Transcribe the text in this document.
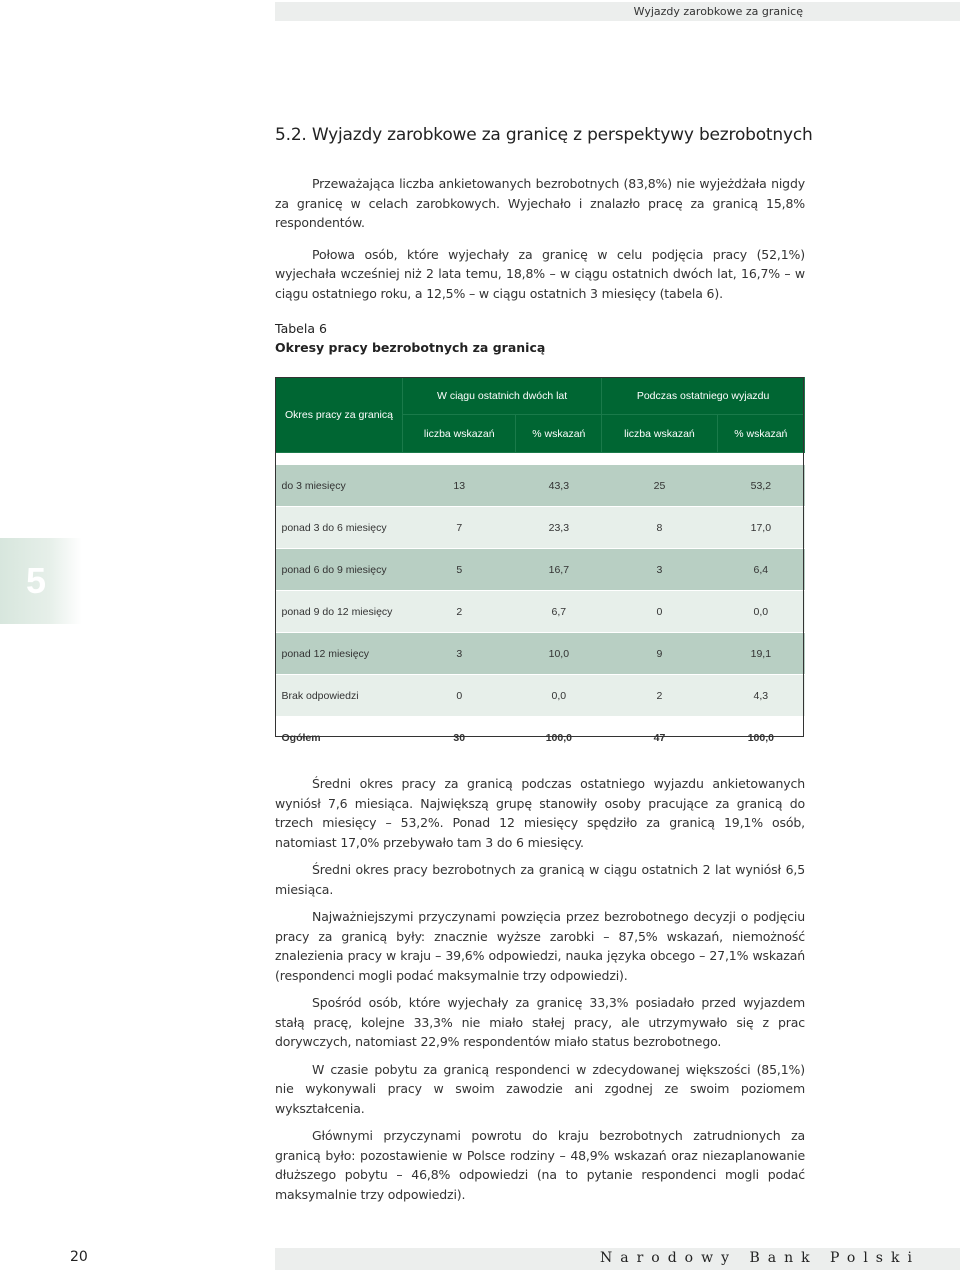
Wyjazdy zarobkowe za granicę
5.2. Wyjazdy zarobkowe za granicę z perspektywy bezrobotnych

Przeważająca liczba ankietowanych bezrobotnych (83,8%) nie wyjeżdżała nigdy za granicę w celach zarobkowych. Wyjechało i znalazło pracę za granicą 15,8% respondentów.

Połowa osób, które wyjechały za granicę w celu podjęcia pracy (52,1%) wyjechała wcześniej niż 2 lata temu, 18,8% – w ciągu ostatnich dwóch lat, 16,7% – w ciągu ostatniego roku, a 12,5% – w ciągu ostatnich 3 miesięcy (tabela 6).

Tabela 6
Okresy pracy bezrobotnych za granicą
Okres pracy za granicą	W ciągu ostatnich dwóch lat		Podczas ostatniego wyjazdu	
	liczba wskazań	% wskazań	liczba wskazań	% wskazań

do 3 miesięcy	13	43,3	25	53,2
ponad 3 do 6 miesięcy	7	23,3	8	17,0
ponad 6 do 9 miesięcy	5	16,7	3	6,4
ponad 9 do 12 miesięcy	2	6,7	0	0,0
ponad 12 miesięcy	3	10,0	9	19,1
Brak odpowiedzi	0	0,0	2	4,3
Ogółem	30	100,0	47	100,0
5

Średni okres pracy za granicą podczas ostatniego wyjazdu ankietowanych wyniósł 7,6 miesiąca. Największą grupę stanowiły osoby pracujące za granicą do trzech miesięcy – 53,2%. Ponad 12 miesięcy spędziło za granicą 19,1% osób, natomiast 17,0% przebywało tam 3 do 6 miesięcy.

Średni okres pracy bezrobotnych za granicą w ciągu ostatnich 2 lat wyniósł 6,5 miesiąca.

Najważniejszymi przyczynami powzięcia przez bezrobotnego decyzji o podjęciu pracy za granicą były: znacznie wyższe zarobki – 87,5% wskazań, niemożność znalezienia pracy w kraju – 39,6% odpowiedzi, nauka języka obcego – 27,1% wskazań (respondenci mogli podać maksymalnie trzy odpowiedzi).

Spośród osób, które wyjechały za granicę 33,3% posiadało przed wyjazdem stałą pracę, kolejne 33,3% nie miało stałej pracy, ale utrzymywało się z prac dorywczych, natomiast 22,9% respondentów miało status bezrobotnego.

W czasie pobytu za granicą respondenci w zdecydowanej większości (85,1%) nie wykonywali pracy w swoim zawodzie ani zgodnej ze swoim poziomem wykształcenia.

Głównymi przyczynami powrotu do kraju bezrobotnych zatrudnionych za granicą było: pozostawienie w Polsce rodziny – 48,9% wskazań oraz niezaplanowanie dłuższego pobytu – 46,8% odpowiedzi (na to pytanie respondenci mogli podać maksymalnie trzy odpowiedzi).

20	Narodowy Bank Polski
